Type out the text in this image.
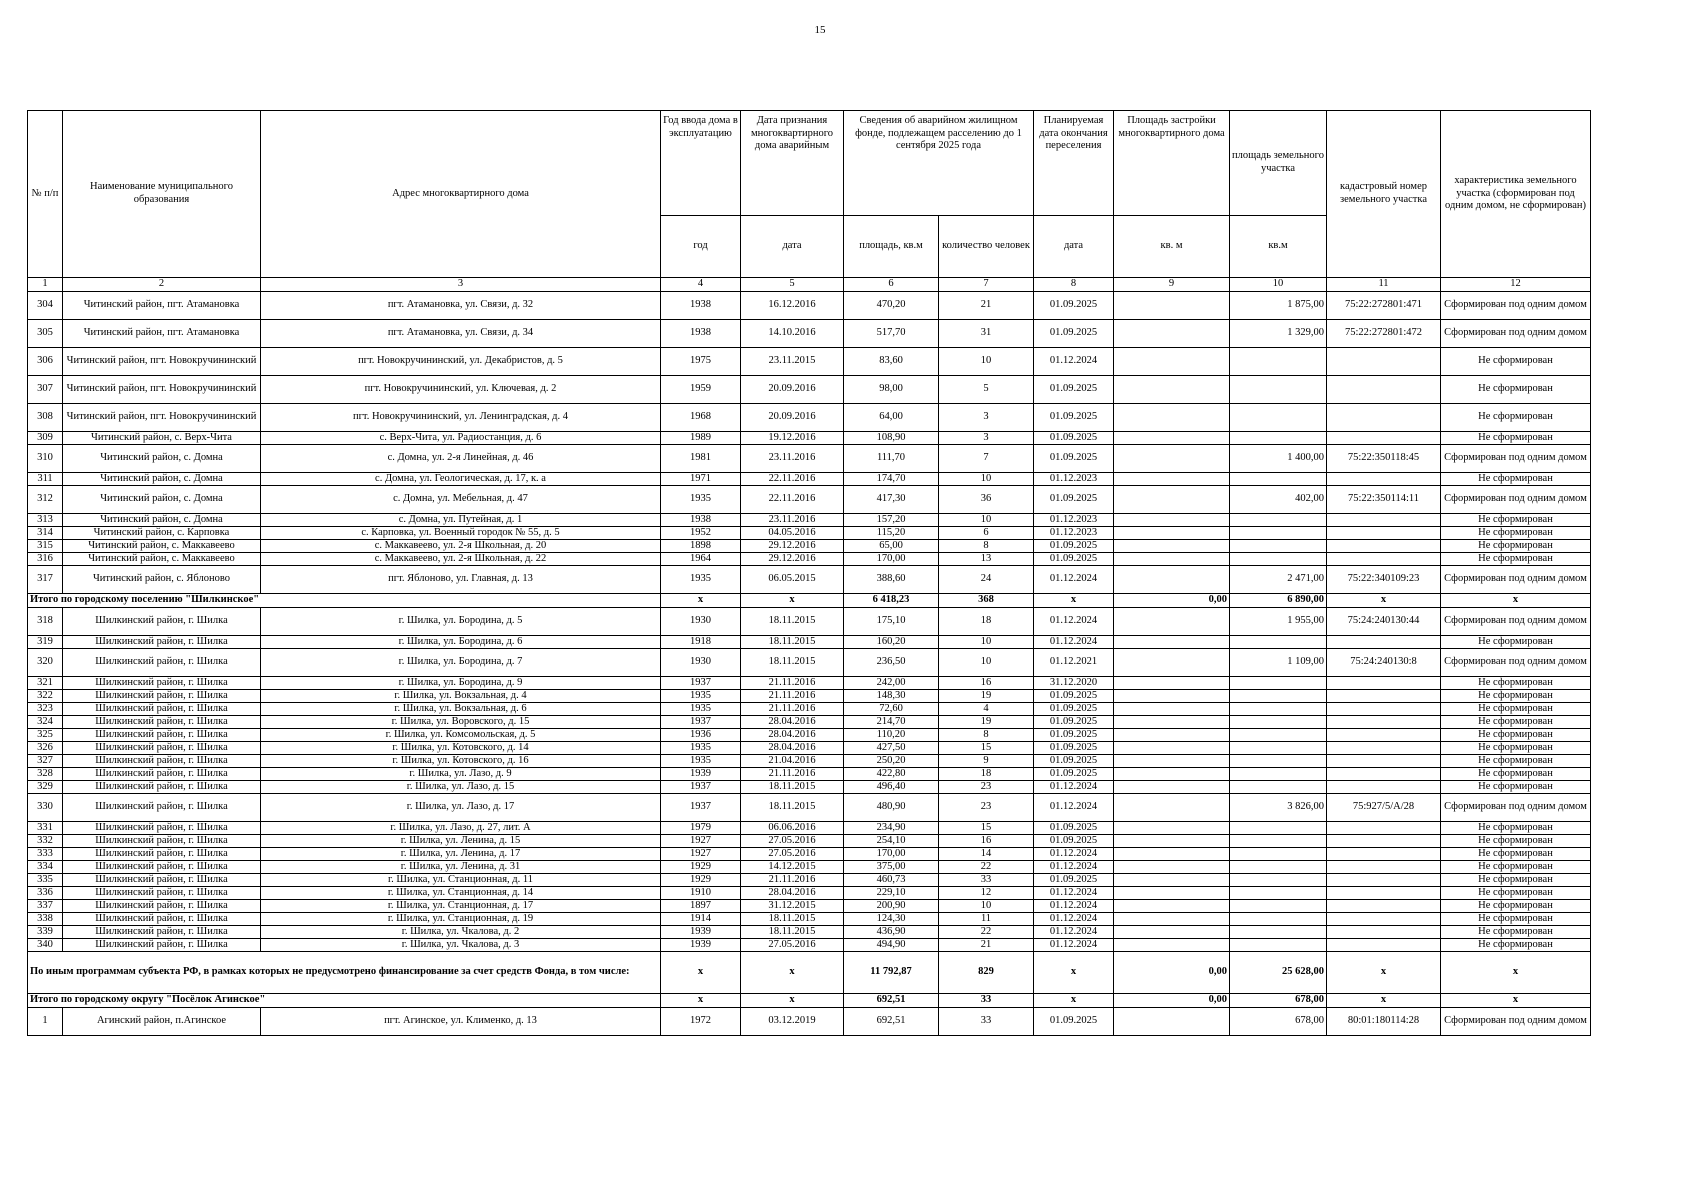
15
№ п/п	Наименование муниципального образования	Адрес многоквартирного дома	Год ввода дома в эксплуатацию	Дата признания многоквартирного дома аварийным	Сведения об аварийном жилищном фонде, подлежащем расселению до 1 сентября 2025 года		Планируемая дата окончания переселения	Площадь застройки многоквартирного дома	площадь земельного участка	кадастровый номер земельного участка	характеристика земельного участка (сформирован под одним домом, не сформирован)
			год	дата	площадь, кв.м	количество человек	дата	кв. м	кв.м		
1	2	3	4	5	6	7	8	9	10	11	12
304	Читинский район, пгт. Атамановка	пгт. Атамановка, ул. Связи, д. 32	1938	16.12.2016	470,20	21	01.09.2025		1 875,00	75:22:272801:471	Сформирован под одним домом
305	Читинский район, пгт. Атамановка	пгт. Атамановка, ул. Связи, д. 34	1938	14.10.2016	517,70	31	01.09.2025		1 329,00	75:22:272801:472	Сформирован под одним домом
306	Читинский район, пгт. Новокручининский	пгт. Новокручининский, ул. Декабристов, д. 5	1975	23.11.2015	83,60	10	01.12.2024				Не сформирован
307	Читинский район, пгт. Новокручининский	пгт. Новокручининский, ул. Ключевая, д. 2	1959	20.09.2016	98,00	5	01.09.2025				Не сформирован
308	Читинский район, пгт. Новокручининский	пгт. Новокручининский, ул. Ленинградская, д. 4	1968	20.09.2016	64,00	3	01.09.2025				Не сформирован
309	Читинский район, с. Верх-Чита	с. Верх-Чита, ул. Радиостанция, д. 6	1989	19.12.2016	108,90	3	01.09.2025				Не сформирован
310	Читинский район, с. Домна	с. Домна, ул. 2-я Линейная, д. 46	1981	23.11.2016	111,70	7	01.09.2025		1 400,00	75:22:350118:45	Сформирован под одним домом
311	Читинский район, с. Домна	с. Домна, ул. Геологическая, д. 17, к. а	1971	22.11.2016	174,70	10	01.12.2023				Не сформирован
312	Читинский район, с. Домна	с. Домна, ул. Мебельная, д. 47	1935	22.11.2016	417,30	36	01.09.2025		402,00	75:22:350114:11	Сформирован под одним домом
313	Читинский район, с. Домна	с. Домна, ул. Путейная, д. 1	1938	23.11.2016	157,20	10	01.12.2023				Не сформирован
314	Читинский район, с. Карповка	с. Карповка, ул. Военный городок № 55, д. 5	1952	04.05.2016	115,20	6	01.12.2023				Не сформирован
315	Читинский район, с. Маккавеево	с. Маккавеево, ул. 2-я Школьная, д. 20	1898	29.12.2016	65,00	8	01.09.2025				Не сформирован
316	Читинский район, с. Маккавеево	с. Маккавеево, ул. 2-я Школьная, д. 22	1964	29.12.2016	170,00	13	01.09.2025				Не сформирован
317	Читинский район, с. Яблоново	пгт. Яблоново, ул. Главная, д. 13	1935	06.05.2015	388,60	24	01.12.2024		2 471,00	75:22:340109:23	Сформирован под одним домом
Итого по городскому поселению "Шилкинское"			x	x	6 418,23	368	x	0,00	6 890,00	x	x
318	Шилкинский район, г. Шилка	г. Шилка, ул. Бородина, д. 5	1930	18.11.2015	175,10	18	01.12.2024		1 955,00	75:24:240130:44	Сформирован под одним домом
319	Шилкинский район, г. Шилка	г. Шилка, ул. Бородина, д. 6	1918	18.11.2015	160,20	10	01.12.2024				Не сформирован
320	Шилкинский район, г. Шилка	г. Шилка, ул. Бородина, д. 7	1930	18.11.2015	236,50	10	01.12.2021		1 109,00	75:24:240130:8	Сформирован под одним домом
321	Шилкинский район, г. Шилка	г. Шилка, ул. Бородина, д. 9	1937	21.11.2016	242,00	16	31.12.2020				Не сформирован
322	Шилкинский район, г. Шилка	г. Шилка, ул. Вокзальная, д. 4	1935	21.11.2016	148,30	19	01.09.2025				Не сформирован
323	Шилкинский район, г. Шилка	г. Шилка, ул. Вокзальная, д. 6	1935	21.11.2016	72,60	4	01.09.2025				Не сформирован
324	Шилкинский район, г. Шилка	г. Шилка, ул. Воровского, д. 15	1937	28.04.2016	214,70	19	01.09.2025				Не сформирован
325	Шилкинский район, г. Шилка	г. Шилка, ул. Комсомольская, д. 5	1936	28.04.2016	110,20	8	01.09.2025				Не сформирован
326	Шилкинский район, г. Шилка	г. Шилка, ул. Котовского, д. 14	1935	28.04.2016	427,50	15	01.09.2025				Не сформирован
327	Шилкинский район, г. Шилка	г. Шилка, ул. Котовского, д. 16	1935	21.04.2016	250,20	9	01.09.2025				Не сформирован
328	Шилкинский район, г. Шилка	г. Шилка, ул. Лазо, д. 9	1939	21.11.2016	422,80	18	01.09.2025				Не сформирован
329	Шилкинский район, г. Шилка	г. Шилка, ул. Лазо, д. 15	1937	18.11.2015	496,40	23	01.12.2024				Не сформирован
330	Шилкинский район, г. Шилка	г. Шилка, ул. Лазо, д. 17	1937	18.11.2015	480,90	23	01.12.2024		3 826,00	75:927/5/А/28	Сформирован под одним домом
331	Шилкинский район, г. Шилка	г. Шилка, ул. Лазо, д. 27, лит. А	1979	06.06.2016	234,90	15	01.09.2025				Не сформирован
332	Шилкинский район, г. Шилка	г. Шилка, ул. Ленина, д. 15	1927	27.05.2016	254,10	16	01.09.2025				Не сформирован
333	Шилкинский район, г. Шилка	г. Шилка, ул. Ленина, д. 17	1927	27.05.2016	170,00	14	01.12.2024				Не сформирован
334	Шилкинский район, г. Шилка	г. Шилка, ул. Ленина, д. 31	1929	14.12.2015	375,00	22	01.12.2024				Не сформирован
335	Шилкинский район, г. Шилка	г. Шилка, ул. Станционная, д. 11	1929	21.11.2016	460,73	33	01.09.2025				Не сформирован
336	Шилкинский район, г. Шилка	г. Шилка, ул. Станционная, д. 14	1910	28.04.2016	229,10	12	01.12.2024				Не сформирован
337	Шилкинский район, г. Шилка	г. Шилка, ул. Станционная, д. 17	1897	31.12.2015	200,90	10	01.12.2024				Не сформирован
338	Шилкинский район, г. Шилка	г. Шилка, ул. Станционная, д. 19	1914	18.11.2015	124,30	11	01.12.2024				Не сформирован
339	Шилкинский район, г. Шилка	г. Шилка, ул. Чкалова, д. 2	1939	18.11.2015	436,90	22	01.12.2024				Не сформирован
340	Шилкинский район, г. Шилка	г. Шилка, ул. Чкалова, д. 3	1939	27.05.2016	494,90	21	01.12.2024				Не сформирован
По иным программам субъекта РФ, в рамках которых не предусмотрено финансирование за счет средств Фонда, в том числе:			x	x	11 792,87	829	x	0,00	25 628,00	x	x
Итого по городскому округу "Посёлок Агинское"			x	x	692,51	33	x	0,00	678,00	x	x
1	Агинский район, п.Агинское	пгт. Агинское, ул. Клименко, д. 13	1972	03.12.2019	692,51	33	01.09.2025		678,00	80:01:180114:28	Сформирован под одним домом
